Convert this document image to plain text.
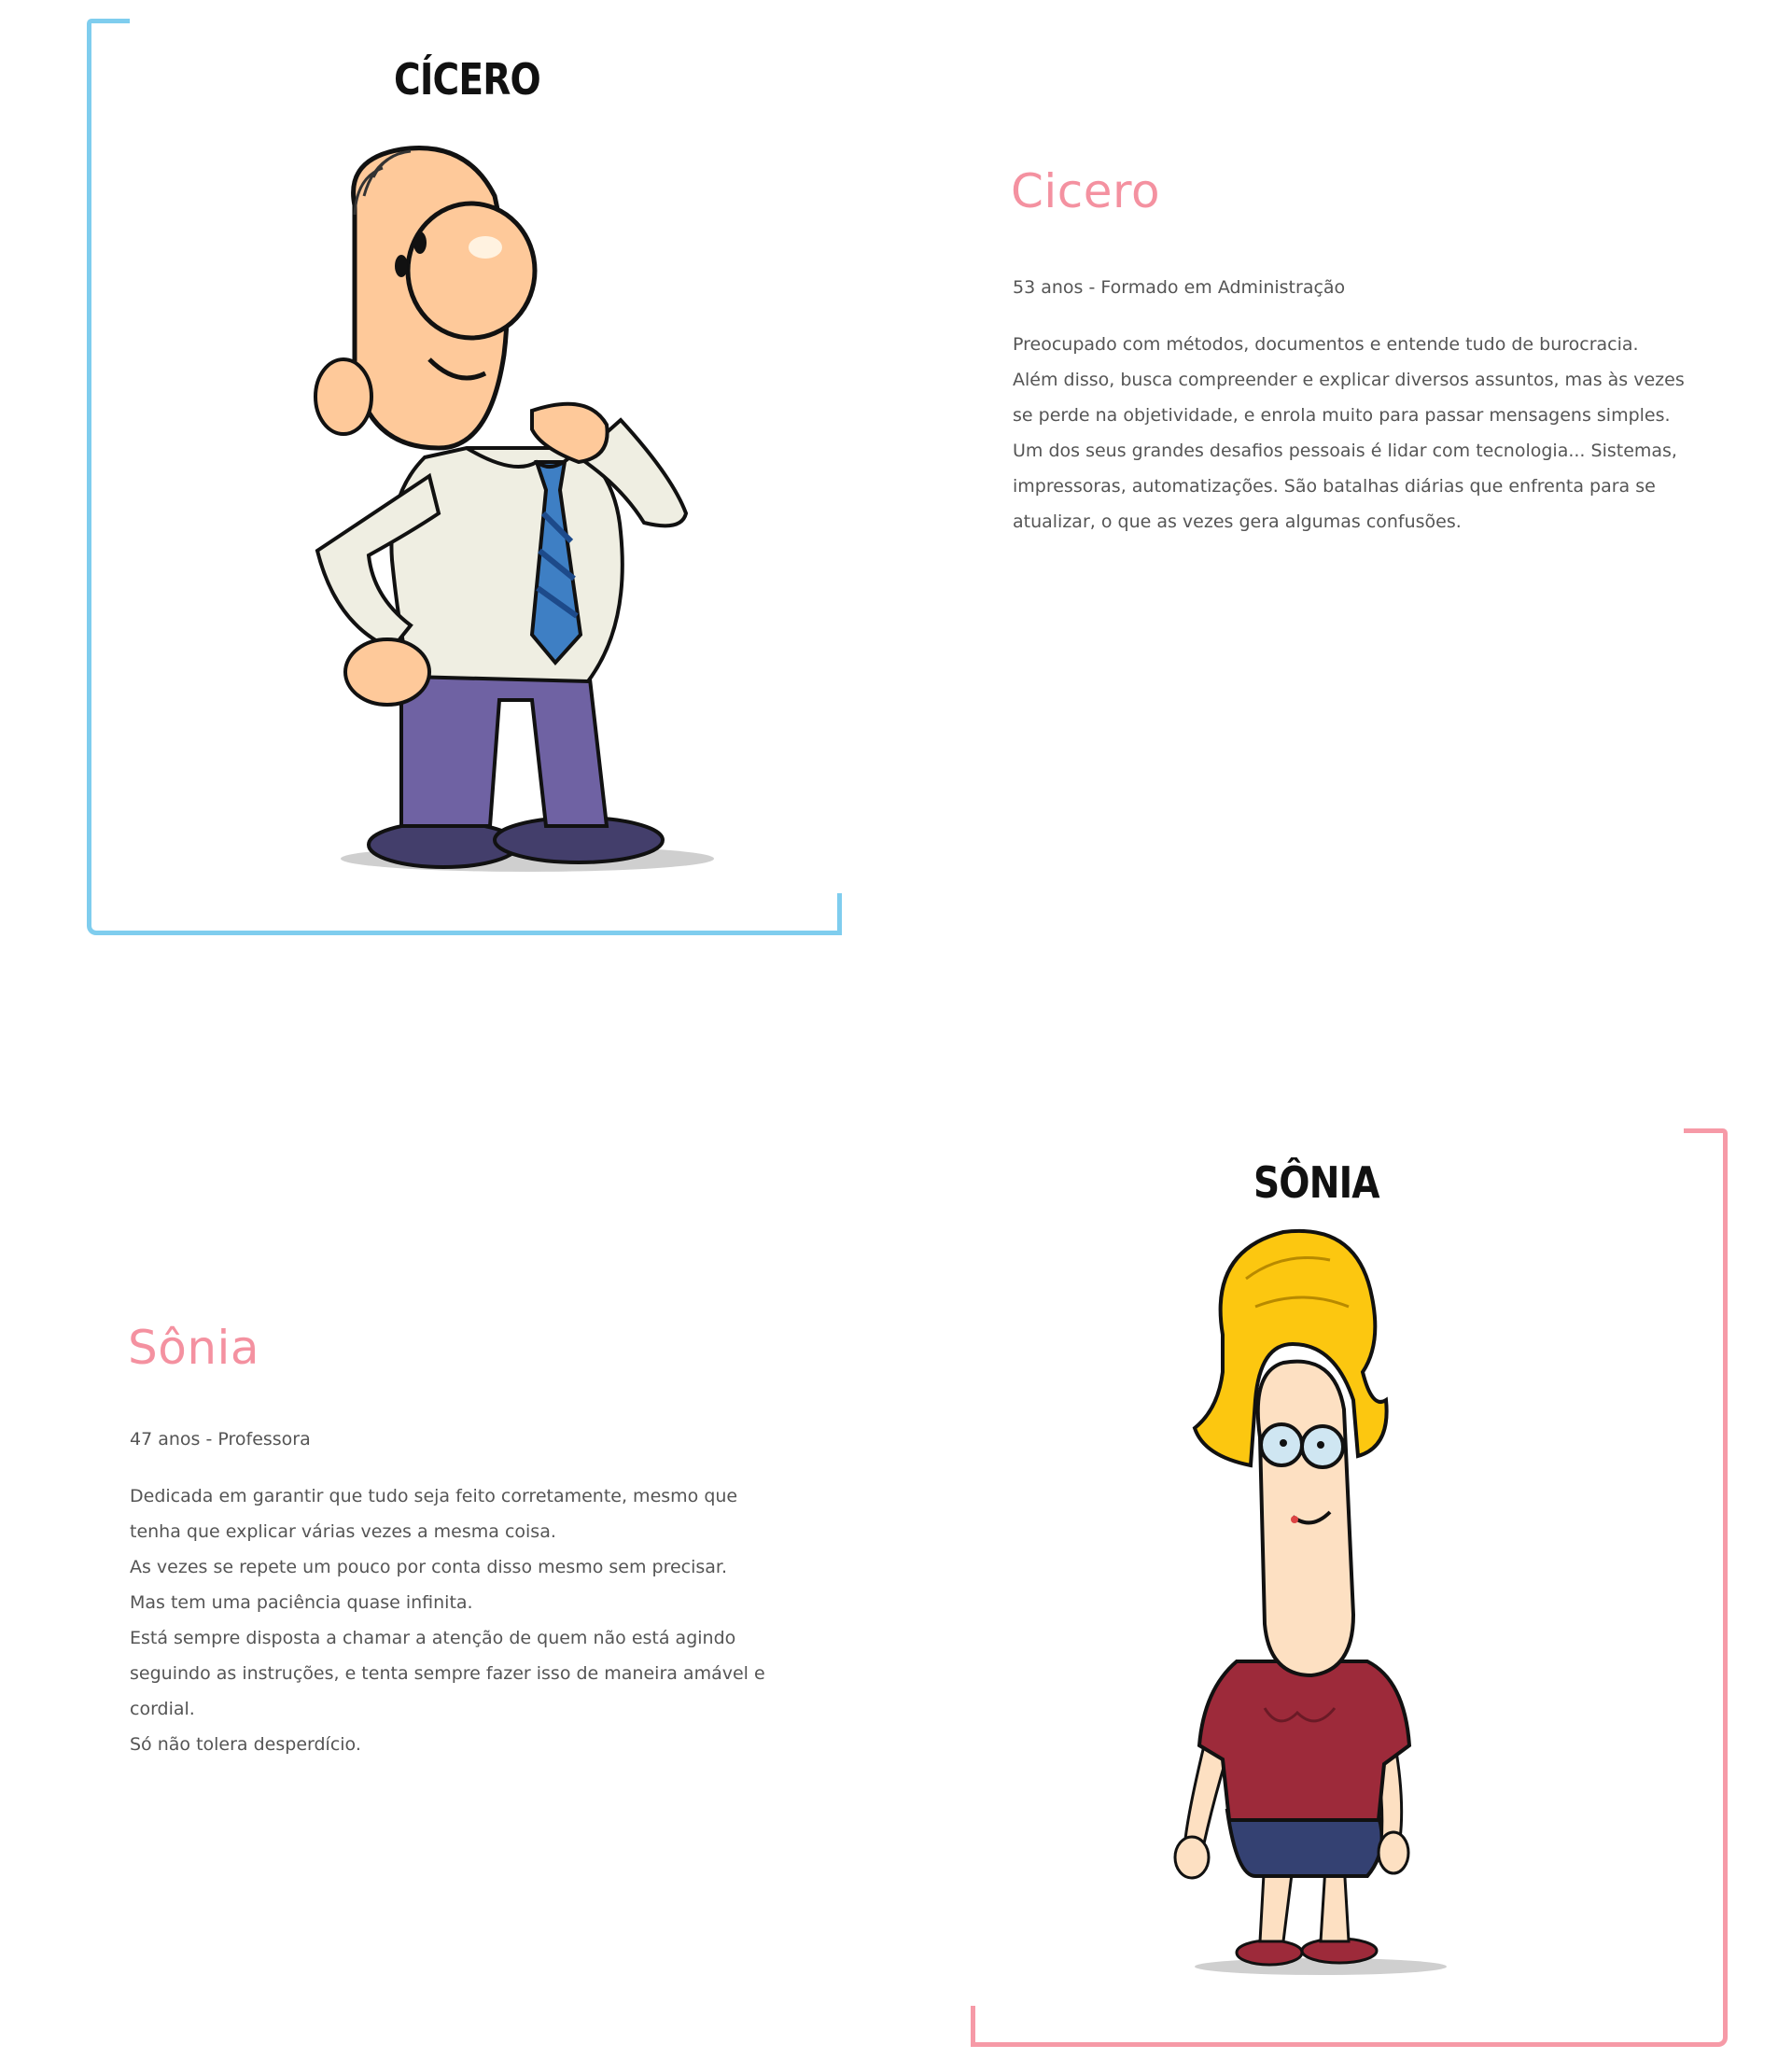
CÍCERO
Cicero
53 anos - Formado em Administração

Preocupado com métodos, documentos e entende tudo de burocracia.

Além disso, busca compreender e explicar diversos assuntos, mas às vezes

se perde na objetividade, e enrola muito para passar mensagens simples.

Um dos seus grandes desafios pessoais é lidar com tecnologia... Sistemas,

impressoras, automatizações. São batalhas diárias que enfrenta para se

atualizar, o que as vezes gera algumas confusões.

SÔNIA
Sônia
47 anos - Professora

Dedicada em garantir que tudo seja feito corretamente, mesmo que

tenha que explicar várias vezes a mesma coisa.

As vezes se repete um pouco por conta disso mesmo sem precisar.

Mas tem uma paciência quase infinita.

Está sempre disposta a chamar a atenção de quem não está agindo

seguindo as instruções, e tenta sempre fazer isso de maneira amável e

cordial.

Só não tolera desperdício.
